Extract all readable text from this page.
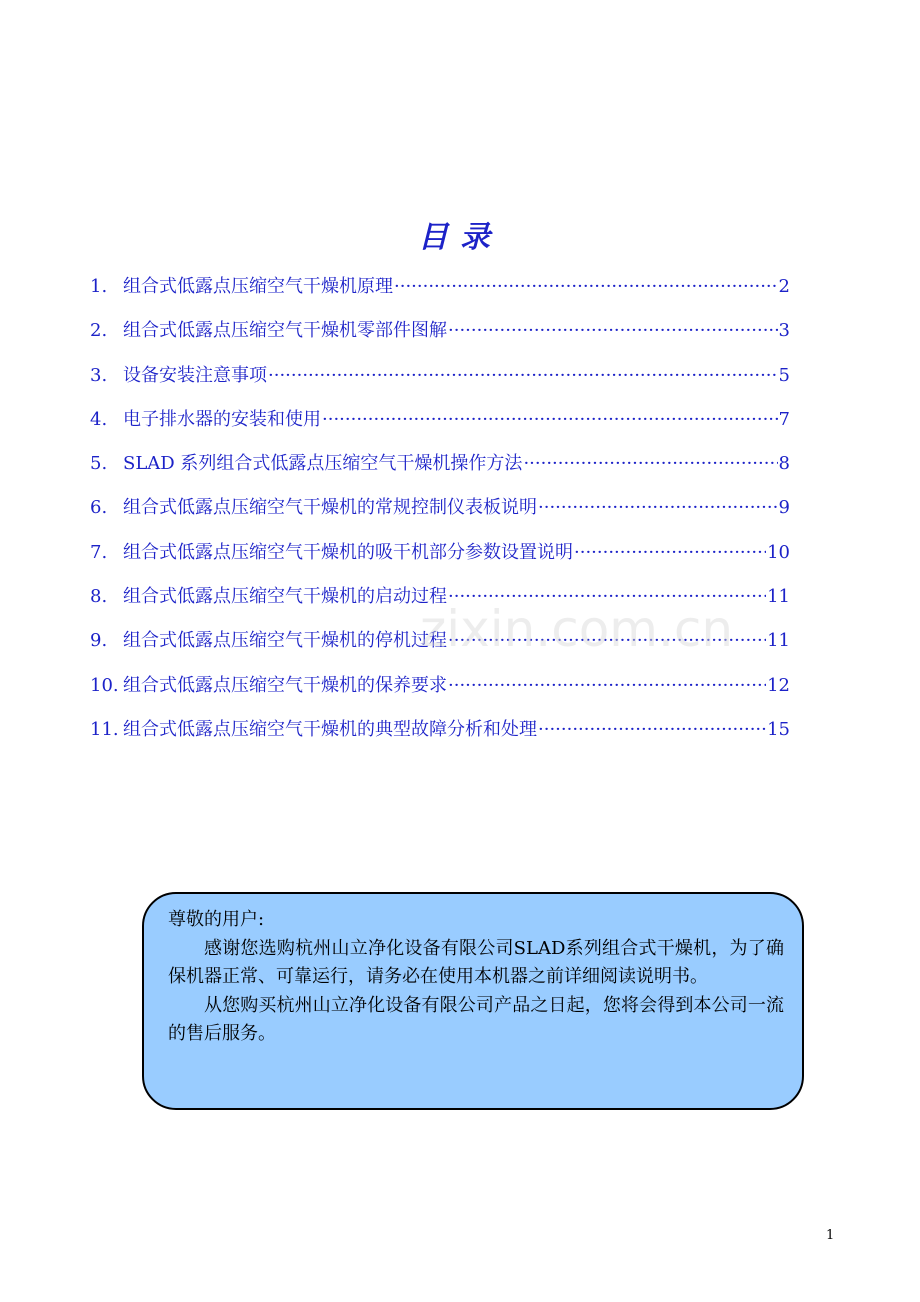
目录
1. 组合式低露点压缩空气干燥机原理 ·····	2
2. 组合式低露点压缩空气干燥机零部件图解 ·····	3
3. 设备安装注意事项 ·····	5
4. 电子排水器的安装和使用 ·····	7
5. SLAD 系列组合式低露点压缩空气干燥机操作方法 ·····	8
6. 组合式低露点压缩空气干燥机的常规控制仪表板说明 ·····	9
7. 组合式低露点压缩空气干燥机的吸干机部分参数设置说明 ·····	10
8. 组合式低露点压缩空气干燥机的启动过程 ·····	11
9. 组合式低露点压缩空气干燥机的停机过程 ·····	11
10. 组合式低露点压缩空气干燥机的保养要求 ·····	12
11. 组合式低露点压缩空气干燥机的典型故障分析和处理 ·····	15
zixin.com.cn

尊敬的用户:

感谢您选购杭州山立净化设备有限公司SLAD系列组合式干燥机，为了确保机器正常、可靠运行，请务必在使用本机器之前详细阅读说明书。

从您购买杭州山立净化设备有限公司产品之日起，您将会得到本公司一流的售后服务。

1
